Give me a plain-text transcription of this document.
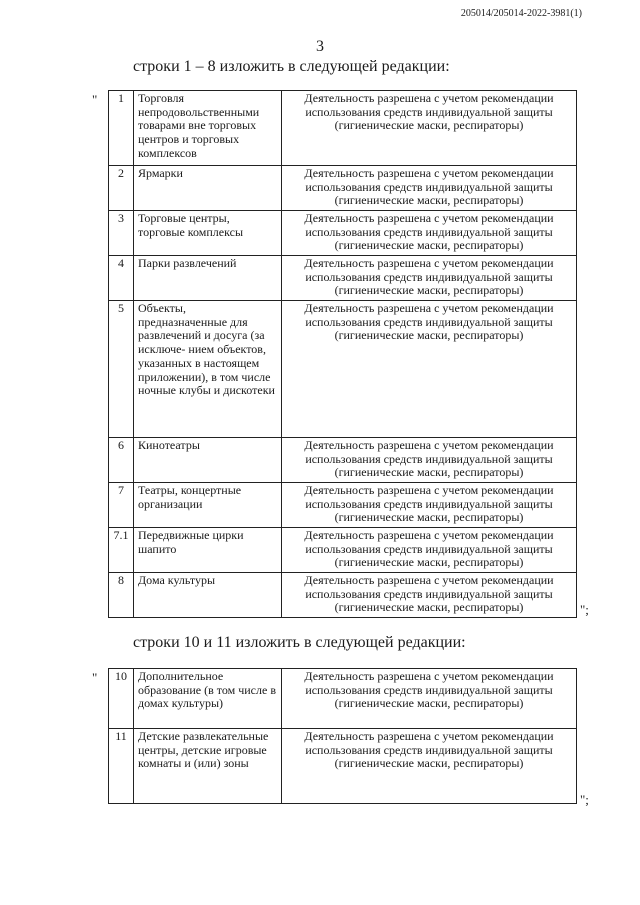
205014/205014-2022-3981(1)
3
строки 1 – 8 изложить в следующей редакции:
" 1	Торговля непродовольственными товарами вне торговых центров и торговых комплексов	Деятельность разрешена с учетом рекомендации использования средств индивидуальной защиты (гигиенические маски, респираторы)
2	Ярмарки	Деятельность разрешена с учетом рекомендации использования средств индивидуальной защиты (гигиенические маски, респираторы)
3	Торговые центры, торговые комплексы	Деятельность разрешена с учетом рекомендации использования средств индивидуальной защиты (гигиенические маски, респираторы)
4	Парки развлечений	Деятельность разрешена с учетом рекомендации использования средств индивидуальной защиты (гигиенические маски, респираторы)
5	Объекты, предназначенные для развлечений и досуга (за исключе- нием объектов, указанных в настоящем приложении), в том числе ночные клубы и дискотеки	Деятельность разрешена с учетом рекомендации использования средств индивидуальной защиты (гигиенические маски, респираторы)
6	Кинотеатры	Деятельность разрешена с учетом рекомендации использования средств индивидуальной защиты (гигиенические маски, респираторы)
7	Театры, концертные организации	Деятельность разрешена с учетом рекомендации использования средств индивидуальной защиты (гигиенические маски, респираторы)
7.1	Передвижные цирки шапито	Деятельность разрешена с учетом рекомендации использования средств индивидуальной защиты (гигиенические маски, респираторы)
8	Дома культуры	Деятельность разрешена с учетом рекомендации использования средств индивидуальной защиты (гигиенические маски, респираторы)	";
строки 10 и 11 изложить в следующей редакции:
" 10	Дополнительное образование (в том числе в домах культуры)	Деятельность разрешена с учетом рекомендации использования средств индивидуальной защиты (гигиенические маски, респираторы)
11	Детские развлекательные центры, детские игровые комнаты и (или) зоны	Деятельность разрешена с учетом рекомендации использования средств индивидуальной защиты (гигиенические маски, респираторы)
";
